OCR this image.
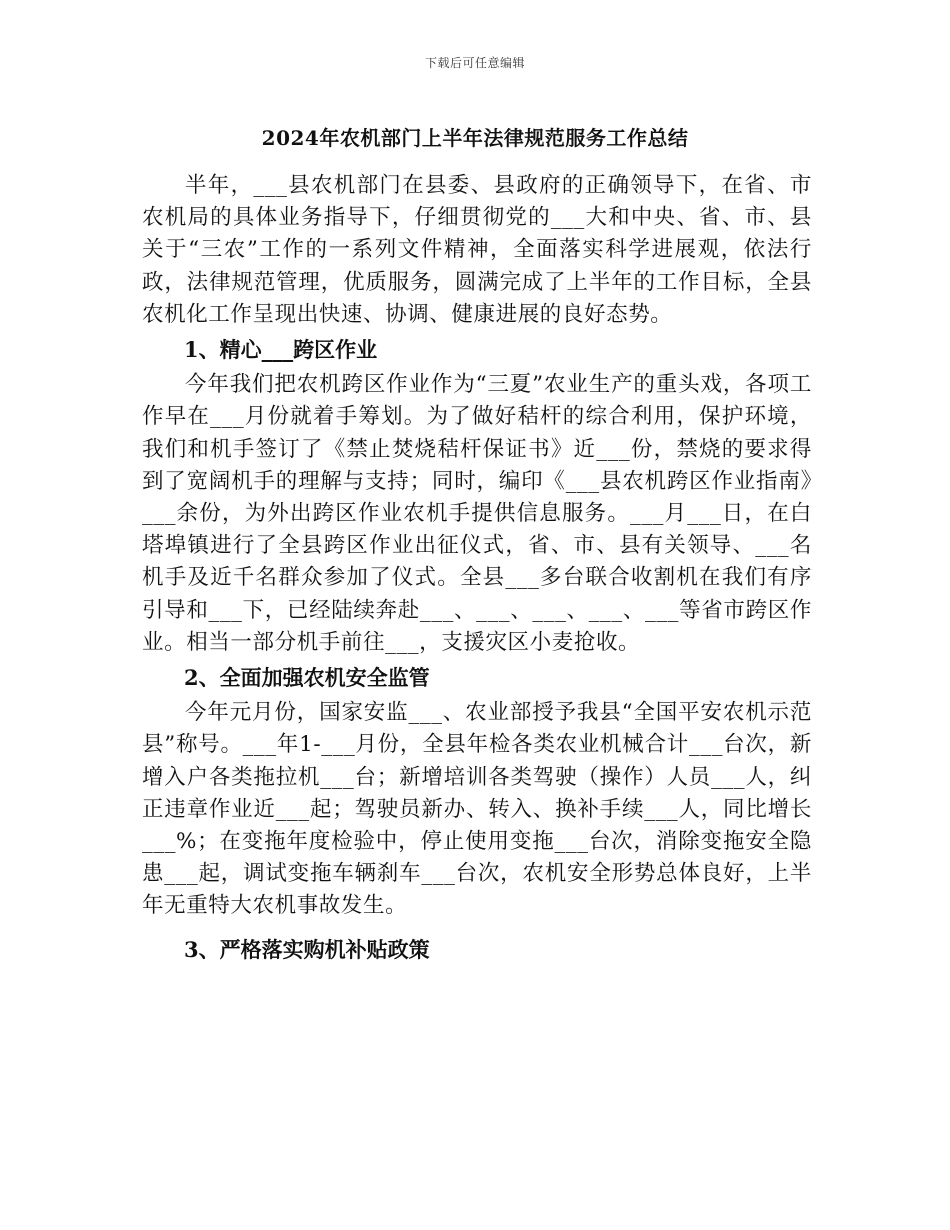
下载后可任意编辑
2024年农机部门上半年法律规范服务工作总结

半年，___县农机部门在县委、县政府的正确领导下，在省、市农机局的具体业务指导下，仔细贯彻党的___大和中央、省、市、县关于“三农”工作的一系列文件精神，全面落实科学进展观，依法行政，法律规范管理，优质服务，圆满完成了上半年的工作目标，全县农机化工作呈现出快速、协调、健康进展的良好态势。

1、精心___跨区作业

今年我们把农机跨区作业作为“三夏”农业生产的重头戏，各项工作早在___月份就着手筹划。为了做好秸杆的综合利用，保护环境，我们和机手签订了《禁止焚烧秸杆保证书》近___份，禁烧的要求得到了宽阔机手的理解与支持；同时，编印《___县农机跨区作业指南》___余份，为外出跨区作业农机手提供信息服务。___月___日，在白塔埠镇进行了全县跨区作业出征仪式，省、市、县有关领导、___名机手及近千名群众参加了仪式。全县___多台联合收割机在我们有序引导和___下，已经陆续奔赴___、___、___、___、___等省市跨区作业。相当一部分机手前往___，支援灾区小麦抢收。

2、全面加强农机安全监管

今年元月份，国家安监___、农业部授予我县“全国平安农机示范县”称号。___年1-___月份，全县年检各类农业机械合计___台次，新增入户各类拖拉机___台；新增培训各类驾驶（操作）人员___人，纠正违章作业近___起；驾驶员新办、转入、换补手续___人，同比增长___%；在变拖年度检验中，停止使用变拖___台次，消除变拖安全隐患___起，调试变拖车辆刹车___台次，农机安全形势总体良好，上半年无重特大农机事故发生。

3、严格落实购机补贴政策
